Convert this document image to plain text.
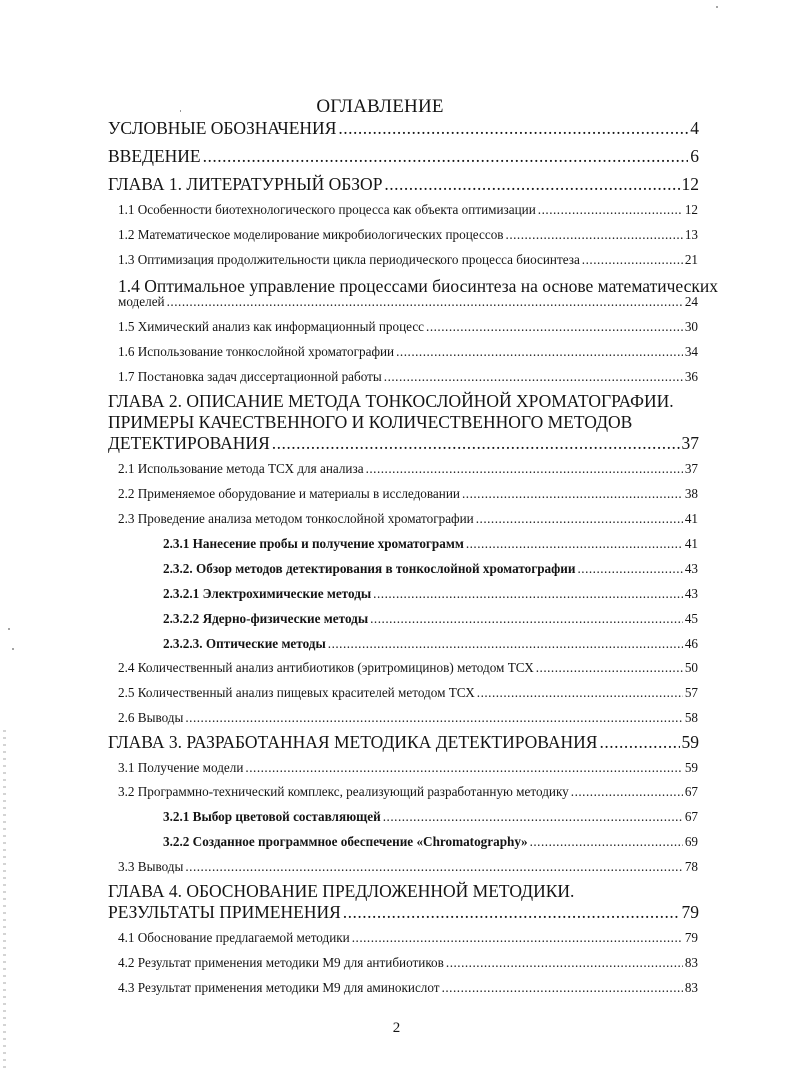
ОГЛАВЛЕНИЕ
УСЛОВНЫЕ ОБОЗНАЧЕНИЯ .....	4
ВВЕДЕНИЕ .....	6
ГЛАВА 1. ЛИТЕРАТУРНЫЙ ОБЗОР .....	12
1.1 Особенности биотехнологического процесса как объекта оптимизации .....	12
1.2 Математическое моделирование микробиологических процессов .....	13
1.3 Оптимизация продолжительности цикла периодического процесса биосинтеза .....	21
1.4 Оптимальное управление процессами биосинтеза на основе математических
моделей .....	24
1.5 Химический анализ как информационный процесс .....	30
1.6 Использование тонкослойной хроматографии .....	34
1.7 Постановка задач диссертационной работы .....	36
ГЛАВА 2. ОПИСАНИЕ МЕТОДА ТОНКОСЛОЙНОЙ ХРОМАТОГРАФИИ.
ПРИМЕРЫ КАЧЕСТВЕННОГО И КОЛИЧЕСТВЕННОГО МЕТОДОВ
ДЕТЕКТИРОВАНИЯ .....	37
2.1 Использование метода ТСХ для анализа .....	37
2.2 Применяемое оборудование и материалы в исследовании .....	38
2.3 Проведение анализа методом тонкослойной хроматографии .....	41
2.3.1 Нанесение пробы и получение хроматограмм .....	41
2.3.2. Обзор методов детектирования в тонкослойной хроматографии .....	43
2.3.2.1 Электрохимические методы .....	43
2.3.2.2 Ядерно-физические методы .....	45
2.3.2.3. Оптические методы .....	46
2.4 Количественный анализ антибиотиков (эритромицинов) методом ТСХ .....	50
2.5 Количественный анализ пищевых красителей методом ТСХ .....	57
2.6 Выводы .....	58
ГЛАВА 3. РАЗРАБОТАННАЯ МЕТОДИКА ДЕТЕКТИРОВАНИЯ .....	59
3.1 Получение модели .....	59
3.2 Программно-технический комплекс, реализующий разработанную методику .....	67
3.2.1 Выбор цветовой составляющей .....	67
3.2.2 Созданное программное обеспечение «Chromatography» .....	69
3.3 Выводы .....	78
ГЛАВА 4. ОБОСНОВАНИЕ ПРЕДЛОЖЕННОЙ МЕТОДИКИ.
РЕЗУЛЬТАТЫ ПРИМЕНЕНИЯ .....	79
4.1 Обоснование предлагаемой методики .....	79
4.2 Результат применения методики М9 для антибиотиков .....	83
4.3 Результат применения методики М9 для аминокислот .....	83
2
